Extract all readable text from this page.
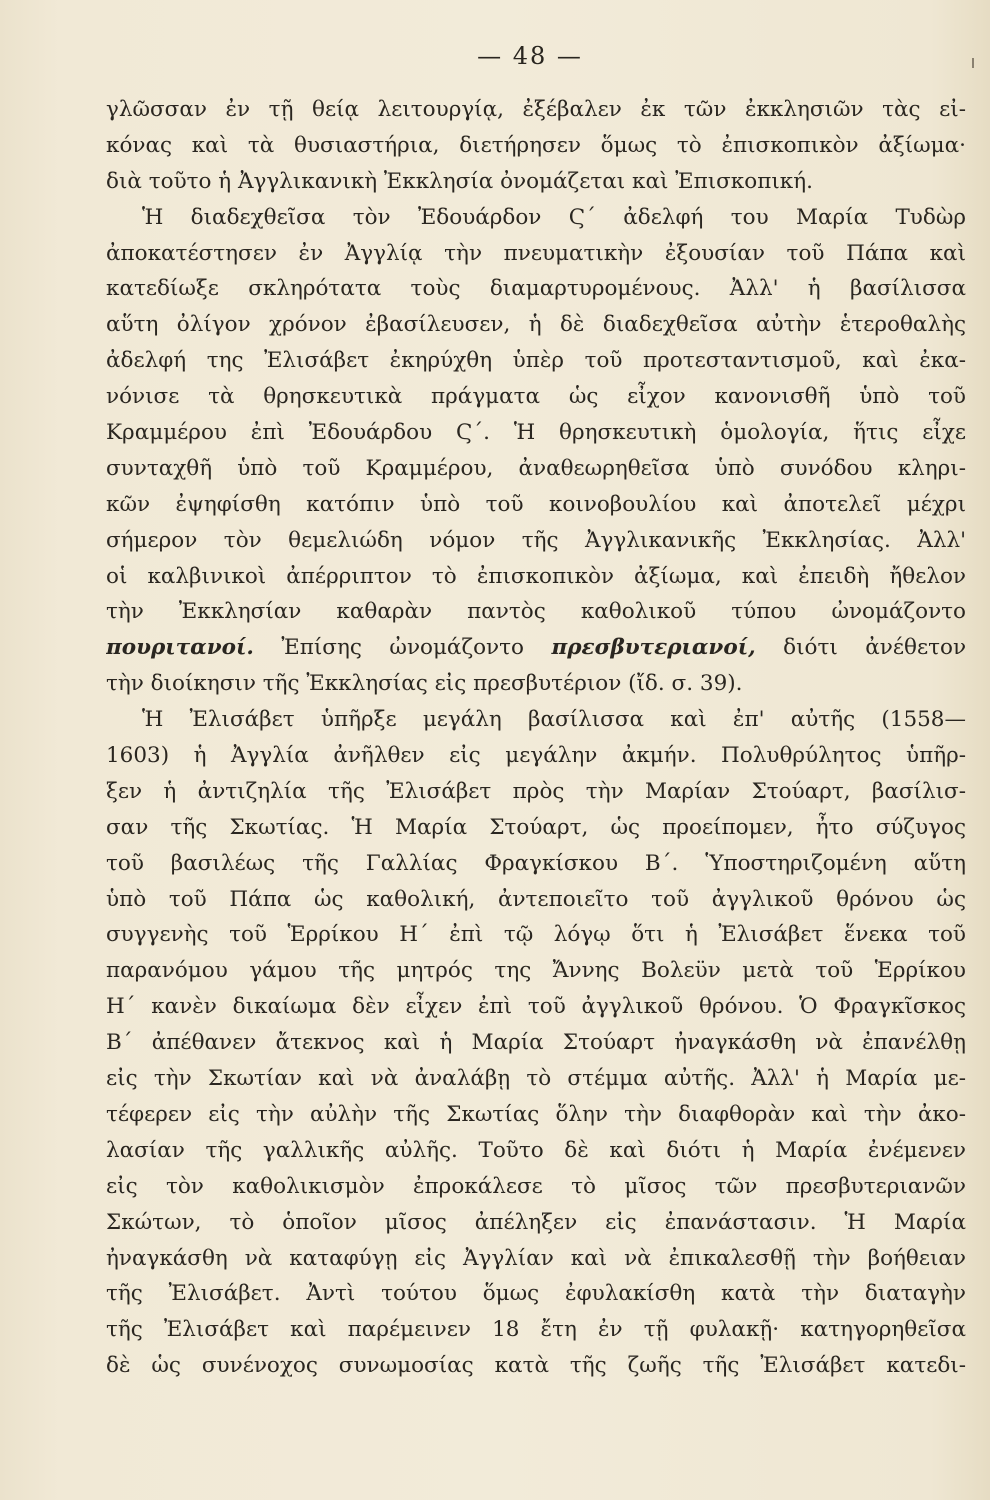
— 48 —
γλῶσσαν ἐν τῇ θείᾳ λειτουργίᾳ, ἐξέβαλεν ἐκ τῶν ἐκκλησιῶν τὰς εἰ-
κόνας καὶ τὰ θυσιαστήρια, διετήρησεν ὅμως τὸ ἐπισκοπικὸν ἀξίωμα·
διὰ τοῦτο ἡ Ἀγγλικανικὴ Ἐκκλησία ὀνομάζεται καὶ Ἐπισκοπική.
Ἡ διαδεχθεῖσα τὸν Ἐδουάρδον Ϛ´ ἀδελφή του Μαρία Τυδὼρ
ἀποκατέστησεν ἐν Ἀγγλίᾳ τὴν πνευματικὴν ἐξουσίαν τοῦ Πάπα καὶ
κατεδίωξε σκληρότατα τοὺς διαμαρτυρομένους. Ἀλλ' ἡ βασίλισσα
αὕτη ὀλίγον χρόνον ἐβασίλευσεν, ἡ δὲ διαδεχθεῖσα αὐτὴν ἑτεροθαλὴς
ἀδελφή της Ἐλισάβετ ἐκηρύχθη ὑπὲρ τοῦ προτεσταντισμοῦ, καὶ ἐκα-
νόνισε τὰ θρησκευτικὰ πράγματα ὡς εἶχον κανονισθῆ ὑπὸ τοῦ
Κραμμέρου ἐπὶ Ἐδουάρδου Ϛ´. Ἡ θρησκευτικὴ ὁμολογία, ἥτις εἶχε
συνταχθῆ ὑπὸ τοῦ Κραμμέρου, ἀναθεωρηθεῖσα ὑπὸ συνόδου κληρι-
κῶν ἐψηφίσθη κατόπιν ὑπὸ τοῦ κοινοβουλίου καὶ ἀποτελεῖ μέχρι
σήμερον τὸν θεμελιώδη νόμον τῆς Ἀγγλικανικῆς Ἐκκλησίας. Ἀλλ'
οἱ καλβινικοὶ ἀπέρριπτον τὸ ἐπισκοπικὸν ἀξίωμα, καὶ ἐπειδὴ ἤθελον
τὴν Ἐκκλησίαν καθαρὰν παντὸς καθολικοῦ τύπου ὠνομάζοντο
πουριτανοί. Ἐπίσης ὠνομάζοντο πρεσβυτεριανοί, διότι ἀνέθετον
τὴν διοίκησιν τῆς Ἐκκλησίας εἰς πρεσβυτέριον (ἴδ. σ. 39).
Ἡ Ἐλισάβετ ὑπῆρξε μεγάλη βασίλισσα καὶ ἐπ' αὐτῆς (1558—
1603) ἡ Ἀγγλία ἀνῆλθεν εἰς μεγάλην ἀκμήν. Πολυθρύλητος ὑπῆρ-
ξεν ἡ ἀντιζηλία τῆς Ἐλισάβετ πρὸς τὴν Μαρίαν Στούαρτ, βασίλισ-
σαν τῆς Σκωτίας. Ἡ Μαρία Στούαρτ, ὡς προείπομεν, ἦτο σύζυγος
τοῦ βασιλέως τῆς Γαλλίας Φραγκίσκου Β´. Ὑποστηριζομένη αὕτη
ὑπὸ τοῦ Πάπα ὡς καθολική, ἀντεποιεῖτο τοῦ ἀγγλικοῦ θρόνου ὡς
συγγενὴς τοῦ Ἑρρίκου Η´ ἐπὶ τῷ λόγῳ ὅτι ἡ Ἐλισάβετ ἕνεκα τοῦ
παρανόμου γάμου τῆς μητρός της Ἄννης Βολεϋν μετὰ τοῦ Ἑρρίκου
Η´ κανὲν δικαίωμα δὲν εἶχεν ἐπὶ τοῦ ἀγγλικοῦ θρόνου. Ὁ Φραγκῖσκος
Β´ ἀπέθανεν ἄτεκνος καὶ ἡ Μαρία Στούαρτ ἠναγκάσθη νὰ ἐπανέλθῃ
εἰς τὴν Σκωτίαν καὶ νὰ ἀναλάβῃ τὸ στέμμα αὐτῆς. Ἀλλ' ἡ Μαρία με-
τέφερεν εἰς τὴν αὐλὴν τῆς Σκωτίας ὅλην τὴν διαφθορὰν καὶ τὴν ἀκο-
λασίαν τῆς γαλλικῆς αὐλῆς. Τοῦτο δὲ καὶ διότι ἡ Μαρία ἐνέμενεν
εἰς τὸν καθολικισμὸν ἐπροκάλεσε τὸ μῖσος τῶν πρεσβυτεριανῶν
Σκώτων, τὸ ὁποῖον μῖσος ἀπέληξεν εἰς ἐπανάστασιν. Ἡ Μαρία
ἠναγκάσθη νὰ καταφύγῃ εἰς Ἀγγλίαν καὶ νὰ ἐπικαλεσθῇ τὴν βοήθειαν
τῆς Ἐλισάβετ. Ἀντὶ τούτου ὅμως ἐφυλακίσθη κατὰ τὴν διαταγὴν
τῆς Ἐλισάβετ καὶ παρέμεινεν 18 ἔτη ἐν τῇ φυλακῇ· κατηγορηθεῖσα
δὲ ὡς συνένοχος συνωμοσίας κατὰ τῆς ζωῆς τῆς Ἐλισάβετ κατεδι-
